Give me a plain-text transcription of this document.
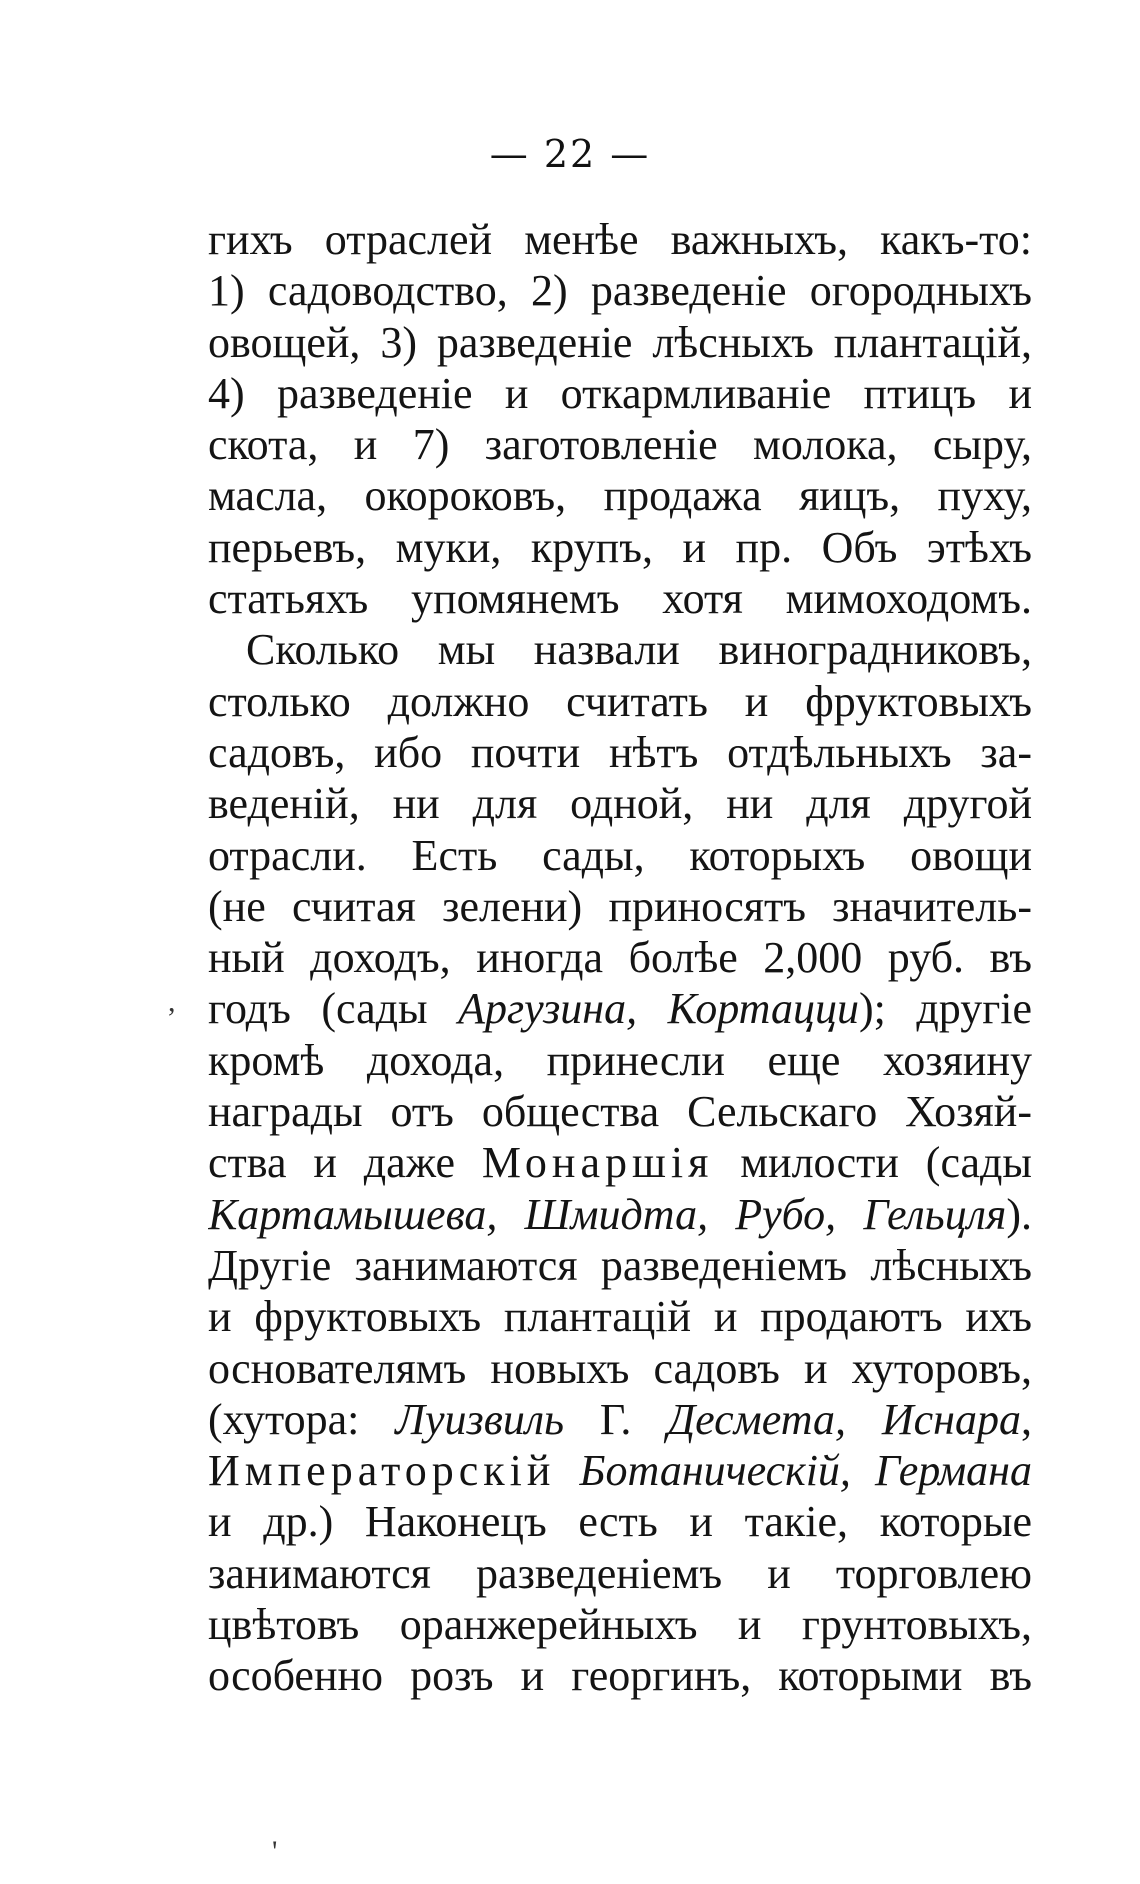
— 22 —
гихъ отраслей менѣе важныхъ, какъ-то:
1) садоводство, 2) разведеніе огородныхъ
овощей, 3) разведеніе лѣсныхъ плантацій,
4) разведеніе и откармливаніе птицъ и
скота, и 7) заготовленіе молока, сыру,
масла, окороковъ, продажа яицъ, пуху,
перьевъ, муки, крупъ, и пр. Объ этѣхъ
статьяхъ упомянемъ хотя мимоходомъ.
Сколько мы назвали виноградниковъ,
столько должно считать и фруктовыхъ
садовъ, ибо почти нѣтъ отдѣльныхъ за-
веденій, ни для одной, ни для другой
отрасли. Есть сады, которыхъ овощи
(не считая зелени) приносятъ значитель-
ный доходъ, иногда болѣе 2,000 руб. въ
годъ (сады Аргузина, Кортацци); другіе
кромѣ дохода, принесли еще хозяину
награды отъ общества Сельскаго Хозяй-
ства и даже Монаршія милости (сады
Картамышева, Шмидта, Рубо, Гельцля).
Другіе занимаются разведеніемъ лѣсныхъ
и фруктовыхъ плантацій и продаютъ ихъ
основателямъ новыхъ садовъ и хуторовъ,
(хутора: Луизвиль Г. Десмета, Иснара,
Императорскій Ботаническій, Германа
и др.) Наконецъ есть и такіе, которые
занимаются разведеніемъ и торговлею
цвѣтовъ оранжерейныхъ и грунтовыхъ,
особенно розъ и георгинъ, которыми въ
,
'
